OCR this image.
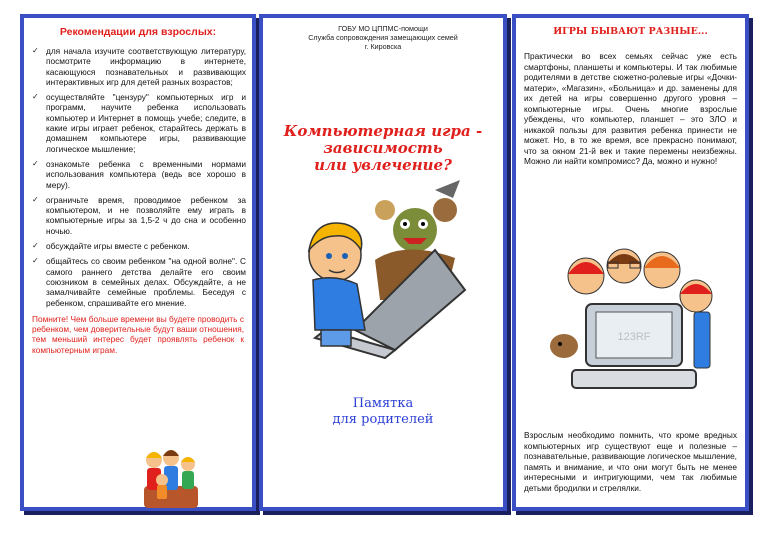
Рекомендации для взрослых:
✓ для начала изучите соответствующую литературу, посмотрите информацию в интернете, касающуюся познавательных и развивающих интерактивных игр для детей разных возрастов;
✓ осуществляйте "цензуру" компьютерных игр и программ, научите ребенка использовать компьютер и Интернет в помощь учебе; следите, в какие игры играет ребенок, старайтесь держать в домашнем компьютере игры, развивающие логическое мышление;
✓ ознакомьте ребенка с временными нормами использования компьютера (ведь все хорошо в меру).
✓ ограничьте время, проводимое ребенком за компьютером, и не позволяйте ему играть в компьютерные игры за 1,5-2 ч до сна и особенно ночью.
✓ обсуждайте игры вместе с ребенком.
✓ общайтесь со своим ребенком "на одной волне". С самого раннего детства делайте его своим союзником в семейных делах. Обсуждайте, а не замалчивайте семейные проблемы. Беседуя с ребенком, спрашивайте его мнение.
Помните! Чем больше времени вы будете проводить с ребенком, чем доверительные будут ваши отношения, тем меньший интерес будет проявлять ребенок к компьютерным играм.
ГОБУ МО ЦППМС-помощи
Служба сопровождения замещающих семей
г. Кировска
Компьютерная игра -
зависимость
или увлечение?
Памятка
для родителей
ИГРЫ БЫВАЮТ РАЗНЫЕ...
Практически во всех семьях сейчас уже есть смартфоны, планшеты и компьютеры. И так любимые родителями в детстве сюжетно-ролевые игры «Дочки-матери», «Магазин», «Больница» и др. заменены для их детей на игры совершенно другого уровня – компьютерные игры. Очень многие взрослые убеждены, что компьютер, планшет – это ЗЛО и никакой пользы для развития ребенка принести не может. Но, в то же время, все прекрасно понимают, что за окном 21-й век и такие перемены неизбежны. Можно ли найти компромисс? Да, можно и нужно!
123RF
Взрослым необходимо помнить, что кроме вредных компьютерных игр существуют еще и полезные – познавательные, развивающие логическое мышление, память и внимание, и что они могут быть не менее интересными и интригующими, чем так любимые детьми бродилки и стрелялки.
